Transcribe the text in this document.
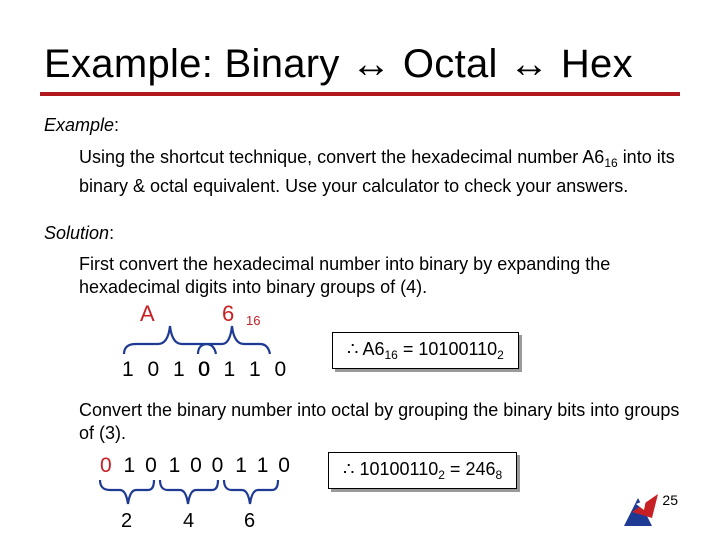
Example: Binary ↔ Octal ↔ Hex
Example:
Using the shortcut technique, convert the hexadecimal number $A6_{16}$ into its binary & octal equivalent. Use your calculator to check your answers.
Solution:
First convert the hexadecimal number into binary by expanding the hexadecimal digits into binary groups of (4).
A	6 16
1 0 1 0
0 1 1 0
∴ $A6_{16} = 10100110_2$
Convert the binary number into octal by grouping the binary bits into groups of (3).
0 1 0 1 0 0 1 1 0
2	4 6
∴ $10100110_2 = 246_8$
25
